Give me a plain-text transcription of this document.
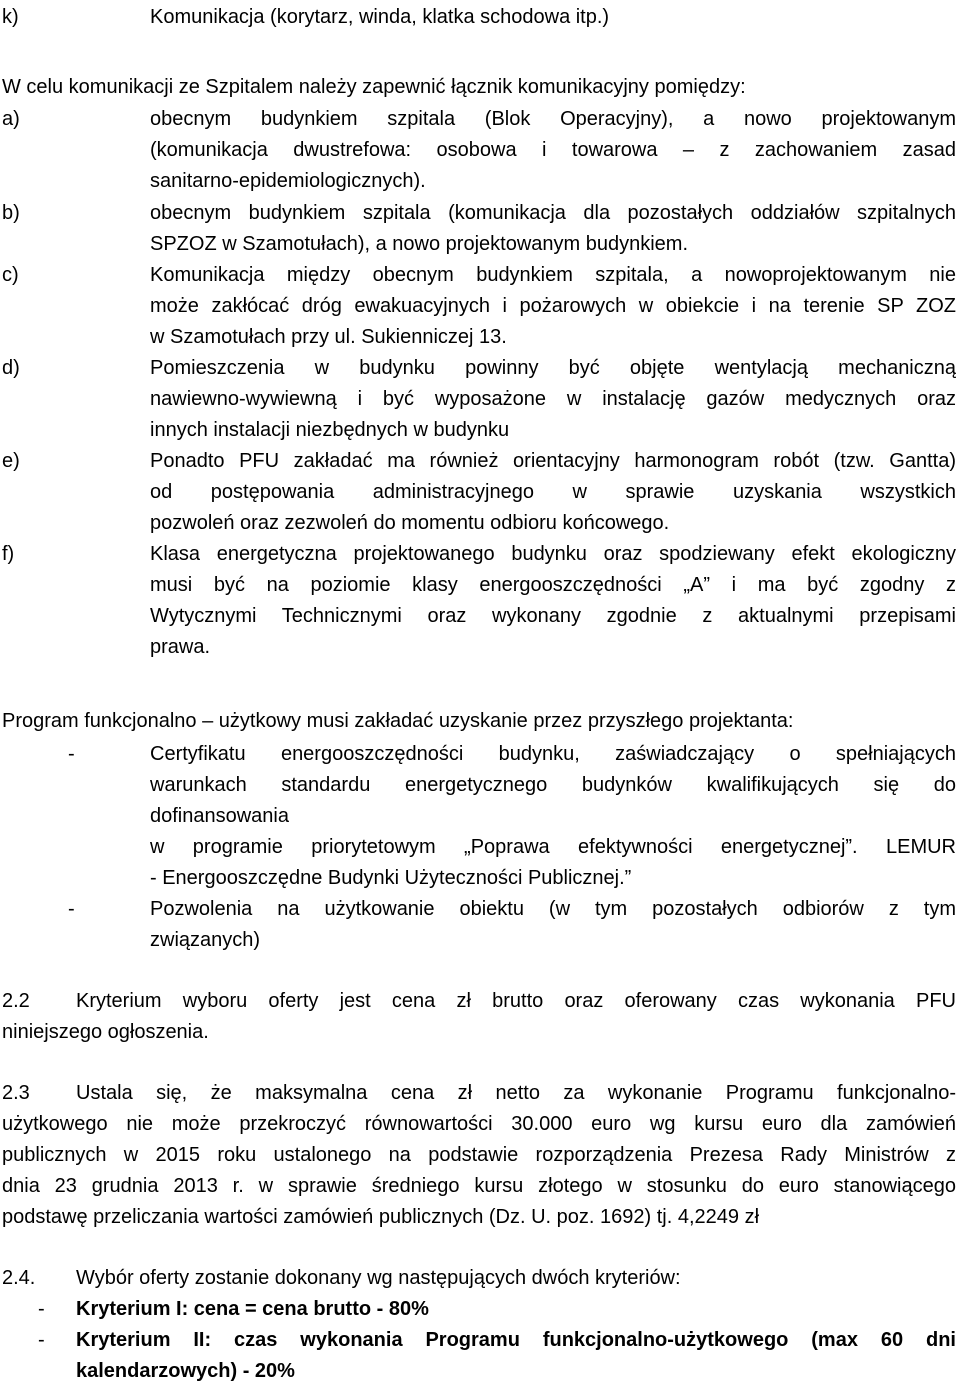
k)	Komunikacja (korytarz, winda, klatka schodowa itp.)
W celu komunikacji ze Szpitalem należy zapewnić łącznik komunikacyjny pomiędzy:
a)	obecnym budynkiem szpitala (Blok Operacyjny), a nowo projektowanym
(komunikacja dwustrefowa: osobowa i towarowa – z zachowaniem zasad
sanitarno-epidemiologicznych).
b)	obecnym budynkiem szpitala (komunikacja dla pozostałych oddziałów szpitalnych
SPZOZ w Szamotułach), a nowo projektowanym budynkiem.
c)	Komunikacja między obecnym budynkiem szpitala, a nowoprojektowanym nie
może zakłócać dróg ewakuacyjnych i pożarowych w obiekcie i na terenie SP ZOZ
w Szamotułach przy ul. Sukienniczej 13.
d)	Pomieszczenia w budynku powinny być objęte wentylacją mechaniczną
nawiewno-wywiewną i być wyposażone w instalację gazów medycznych oraz
innych instalacji niezbędnych w budynku
e)	Ponadto PFU zakładać ma również orientacyjny harmonogram robót (tzw. Gantta)
od postępowania administracyjnego w sprawie uzyskania wszystkich
pozwoleń oraz zezwoleń do momentu odbioru końcowego.
f)	Klasa energetyczna projektowanego budynku oraz spodziewany efekt ekologiczny
musi być na poziomie klasy energooszczędności „A” i ma być zgodny z
Wytycznymi Technicznymi oraz wykonany zgodnie z aktualnymi przepisami
prawa.
Program funkcjonalno – użytkowy musi zakładać uzyskanie przez przyszłego projektanta:
-	Certyfikatu energooszczędności budynku, zaświadczający o spełniających
warunkach standardu energetycznego budynków kwalifikujących się do
dofinansowania
w programie priorytetowym „Poprawa efektywności energetycznej”. LEMUR
- Energooszczędne Budynki Użyteczności Publicznej.”
-	Pozwolenia na użytkowanie obiektu (w tym pozostałych odbiorów z tym
związanych)
2.2 Kryterium wyboru oferty jest cena zł brutto oraz oferowany czas wykonania PFU
niniejszego ogłoszenia.
2.3 Ustala się, że maksymalna cena zł netto za wykonanie Programu funkcjonalno-
użytkowego nie może przekroczyć równowartości 30.000 euro wg kursu euro dla zamówień
publicznych w 2015 roku ustalonego na podstawie rozporządzenia Prezesa Rady Ministrów z
dnia 23 grudnia 2013 r. w sprawie średniego kursu złotego w stosunku do euro stanowiącego
podstawę przeliczania wartości zamówień publicznych (Dz. U. poz. 1692) tj. 4,2249 zł
2.4. Wybór oferty zostanie dokonany wg następujących dwóch kryteriów:
- Kryterium I: cena = cena brutto - 80%
- Kryterium II: czas wykonania Programu funkcjonalno-użytkowego (max 60 dni
kalendarzowych) - 20%
